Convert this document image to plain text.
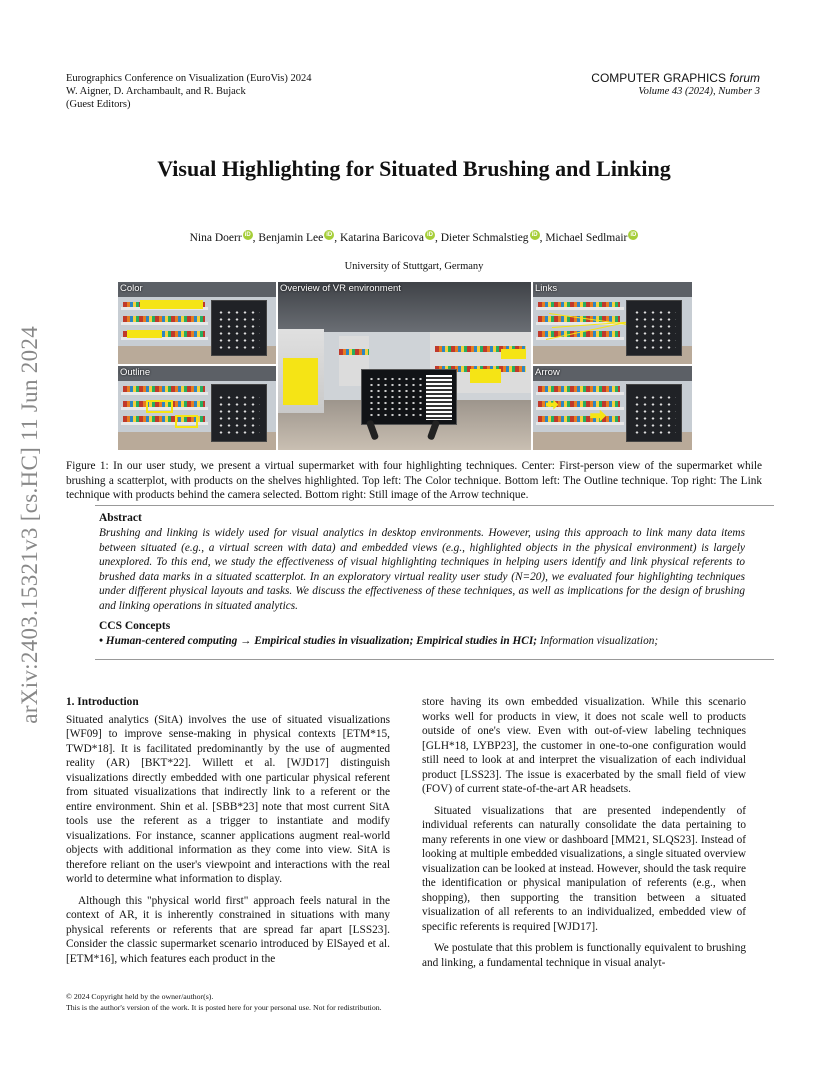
Eurographics Conference on Visualization (EuroVis) 2024
W. Aigner, D. Archambault, and R. Bujack
(Guest Editors)
COMPUTER GRAPHICS forum
Volume 43 (2024), Number 3
arXiv:2403.15321v3 [cs.HC] 11 Jun 2024
Visual Highlighting for Situated Brushing and Linking
Nina Doerr iD , Benjamin Lee iD , Katarina Baricova iD , Dieter Schmalstieg iD , Michael Sedlmair iD
University of Stuttgart, Germany
Color
Outline
Overview of VR environment	Links
Arrow
Figure 1: In our user study, we present a virtual supermarket with four highlighting techniques. Center: First-person view of the supermarket while brushing a scatterplot, with products on the shelves highlighted. Top left: The Color technique. Bottom left: The Outline technique. Top right: The Link technique with products behind the camera selected. Bottom right: Still image of the Arrow technique.
Abstract
Brushing and linking is widely used for visual analytics in desktop environments. However, using this approach to link many data items between situated (e.g., a virtual screen with data) and embedded views (e.g., highlighted objects in the physical environment) is largely unexplored. To this end, we study the effectiveness of visual highlighting techniques in helping users identify and link physical referents to brushed data marks in a situated scatterplot. In an exploratory virtual reality user study (N=20), we evaluated four highlighting techniques under different physical layouts and tasks. We discuss the effectiveness of these techniques, as well as implications for the design of brushing and linking operations in situated analytics.
CCS Concepts
• Human-centered computing → Empirical studies in visualization; Empirical studies in HCI; Information visualization;
1. Introduction

Situated analytics (SitA) involves the use of situated visualizations [WF09] to improve sense-making in physical contexts [ETM*15, TWD*18]. It is facilitated predominantly by the use of augmented reality (AR) [BKT*22]. Willett et al. [WJD17] distinguish visualizations directly embedded with one particular physical referent from situated visualizations that indirectly link to a referent or the entire environment. Shin et al. [SBB*23] note that most current SitA tools use the referent as a trigger to instantiate and modify visualizations. For instance, scanner applications augment real-world objects with additional information as they come into view. SitA is therefore reliant on the user's viewpoint and interactions with the real world to determine what information to display.

Although this "physical world first" approach feels natural in the context of AR, it is inherently constrained in situations with many physical referents or referents that are spread far apart [LSS23]. Consider the classic supermarket scenario introduced by ElSayed et al. [ETM*16], which features each product in the

store having its own embedded visualization. While this scenario works well for products in view, it does not scale well to products outside of one's view. Even with out-of-view labeling techniques [GLH*18, LYBP23], the customer in one-to-one configuration would still need to look at and interpret the visualization of each individual product [LSS23]. The issue is exacerbated by the small field of view (FOV) of current state-of-the-art AR headsets.

Situated visualizations that are presented independently of individual referents can naturally consolidate the data pertaining to many referents in one view or dashboard [MM21, SLQS23]. Instead of looking at multiple embedded visualizations, a single situated overview visualization can be looked at instead. However, should the task require the identification or physical manipulation of referents (e.g., when shopping), then supporting the transition between a situated visualization of all referents to an individualized, embedded view of specific referents is required [WJD17].

We postulate that this problem is functionally equivalent to brushing and linking, a fundamental technique in visual analyt-

© 2024 Copyright held by the owner/author(s).
This is the author's version of the work. It is posted here for your personal use. Not for redistribution.
